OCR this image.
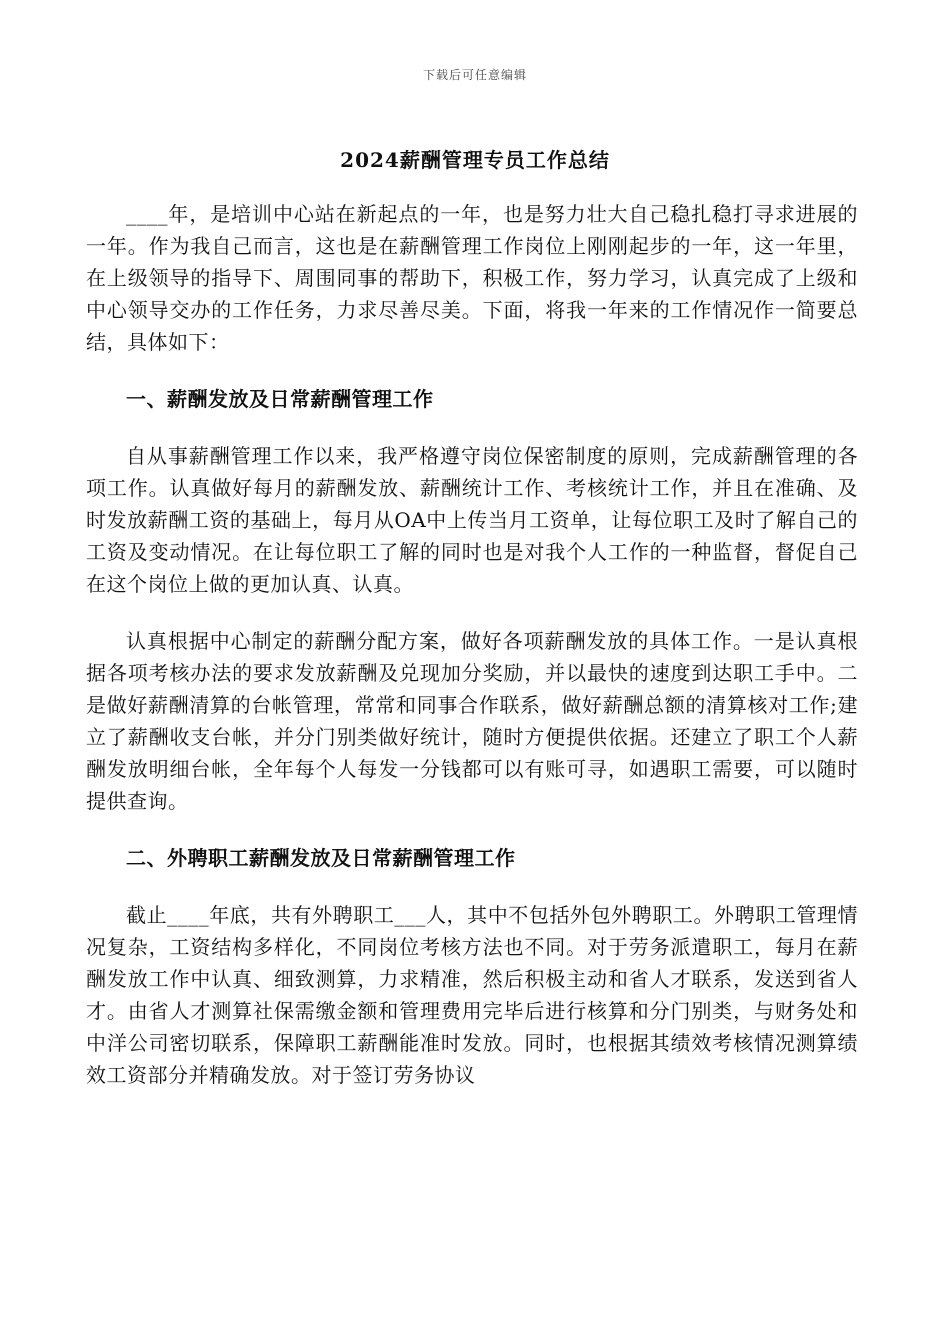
下载后可任意编辑
2024薪酬管理专员工作总结

____年，是培训中心站在新起点的一年，也是努力壮大自己稳扎稳打寻求进展的一年。作为我自己而言，这也是在薪酬管理工作岗位上刚刚起步的一年，这一年里，在上级领导的指导下、周围同事的帮助下，积极工作，努力学习，认真完成了上级和中心领导交办的工作任务，力求尽善尽美。下面，将我一年来的工作情况作一简要总结，具体如下：

一、薪酬发放及日常薪酬管理工作

自从事薪酬管理工作以来，我严格遵守岗位保密制度的原则，完成薪酬管理的各项工作。认真做好每月的薪酬发放、薪酬统计工作、考核统计工作，并且在准确、及时发放薪酬工资的基础上，每月从OA中上传当月工资单，让每位职工及时了解自己的工资及变动情况。在让每位职工了解的同时也是对我个人工作的一种监督，督促自己在这个岗位上做的更加认真、认真。

认真根据中心制定的薪酬分配方案，做好各项薪酬发放的具体工作。一是认真根据各项考核办法的要求发放薪酬及兑现加分奖励，并以最快的速度到达职工手中。二是做好薪酬清算的台帐管理，常常和同事合作联系，做好薪酬总额的清算核对工作;建立了薪酬收支台帐，并分门别类做好统计，随时方便提供依据。还建立了职工个人薪酬发放明细台帐，全年每个人每发一分钱都可以有账可寻，如遇职工需要，可以随时提供查询。

二、外聘职工薪酬发放及日常薪酬管理工作

截止____年底，共有外聘职工___人，其中不包括外包外聘职工。外聘职工管理情况复杂，工资结构多样化，不同岗位考核方法也不同。对于劳务派遣职工，每月在薪酬发放工作中认真、细致测算，力求精准，然后积极主动和省人才联系，发送到省人才。由省人才测算社保需缴金额和管理费用完毕后进行核算和分门别类，与财务处和中洋公司密切联系，保障职工薪酬能准时发放。同时，也根据其绩效考核情况测算绩效工资部分并精确发放。对于签订劳务协议
